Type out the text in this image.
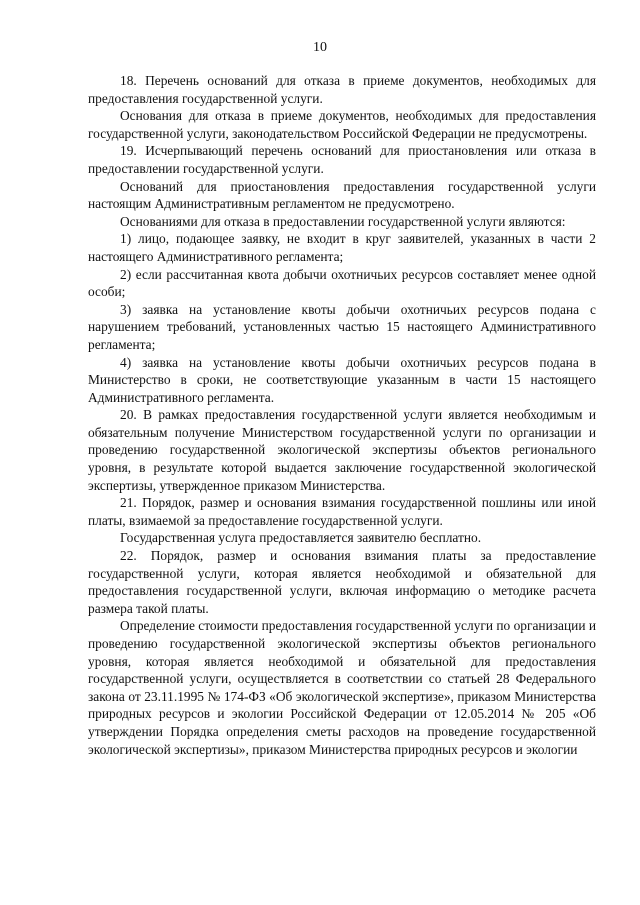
10

18. Перечень оснований для отказа в приеме документов, необходимых для предоставления государственной услуги.

Основания для отказа в приеме документов, необходимых для предоставления государственной услуги, законодательством Российской Федерации не предусмотрены.

19. Исчерпывающий перечень оснований для приостановления или отказа в предоставлении государственной услуги.

Оснований для приостановления предоставления государственной услуги настоящим Административным регламентом не предусмотрено.

Основаниями для отказа в предоставлении государственной услуги являются:

1) лицо, подающее заявку, не входит в круг заявителей, указанных в части 2 настоящего Административного регламента;

2) если рассчитанная квота добычи охотничьих ресурсов составляет менее одной особи;

3) заявка на установление квоты добычи охотничьих ресурсов подана с нарушением требований, установленных частью 15 настоящего Административного регламента;

4) заявка на установление квоты добычи охотничьих ресурсов подана в Министерство в сроки, не соответствующие указанным в части 15 настоящего Административного регламента.

20. В рамках предоставления государственной услуги является необходимым и обязательным получение Министерством государственной услуги по организации и проведению государственной экологической экспертизы объектов регионального уровня, в результате которой выдается заключение государственной экологической экспертизы, утвержденное приказом Министерства.

21. Порядок, размер и основания взимания государственной пошлины или иной платы, взимаемой за предоставление государственной услуги.

Государственная услуга предоставляется заявителю бесплатно.

22. Порядок, размер и основания взимания платы за предоставление государственной услуги, которая является необходимой и обязательной для предоставления государственной услуги, включая информацию о методике расчета размера такой платы.

Определение стоимости предоставления государственной услуги по организации и проведению государственной экологической экспертизы объектов регионального уровня, которая является необходимой и обязательной для предоставления государственной услуги, осуществляется в соответствии со статьей 28 Федерального закона от 23.11.1995 № 174-ФЗ «Об экологической экспертизе», приказом Министерства природных ресурсов и экологии Российской Федерации от 12.05.2014 № 205 «Об утверждении Порядка определения сметы расходов на проведение государственной экологической экспертизы», приказом Министерства природных ресурсов и экологии
